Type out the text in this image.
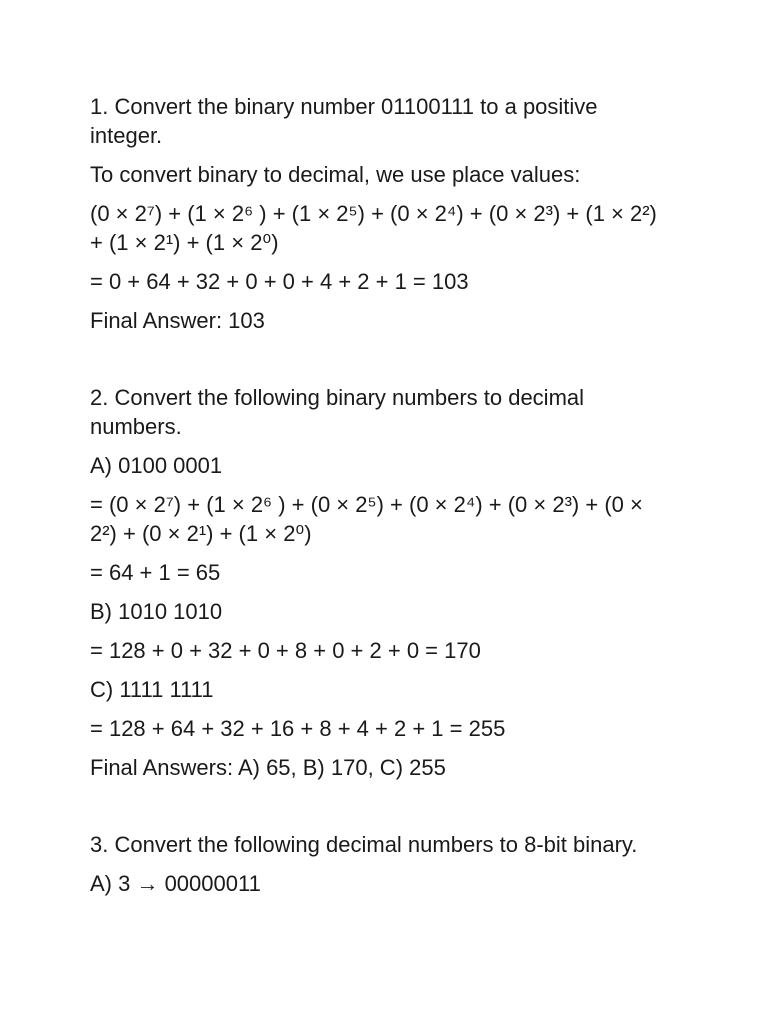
1. Convert the binary number 01100111 to a positive integer.

To convert binary to decimal, we use place values:

(0 × 2⁷) + (1 × 2⁶ ) + (1 × 2⁵) + (0 × 2⁴) + (0 × 2³) + (1 × 2²) + (1 × 2¹) + (1 × 2⁰)

= 0 + 64 + 32 + 0 + 0 + 4 + 2 + 1 = 103

Final Answer: 103

2. Convert the following binary numbers to decimal numbers.

A) 0100 0001

= (0 × 2⁷) + (1 × 2⁶ ) + (0 × 2⁵) + (0 × 2⁴) + (0 × 2³) + (0 × 2²) + (0 × 2¹) + (1 × 2⁰)

= 64 + 1 = 65

B) 1010 1010

= 128 + 0 + 32 + 0 + 8 + 0 + 2 + 0 = 170

C) 1111 1111

= 128 + 64 + 32 + 16 + 8 + 4 + 2 + 1 = 255

Final Answers: A) 65, B) 170, C) 255

3. Convert the following decimal numbers to 8-bit binary.

A) 3 → 00000011
